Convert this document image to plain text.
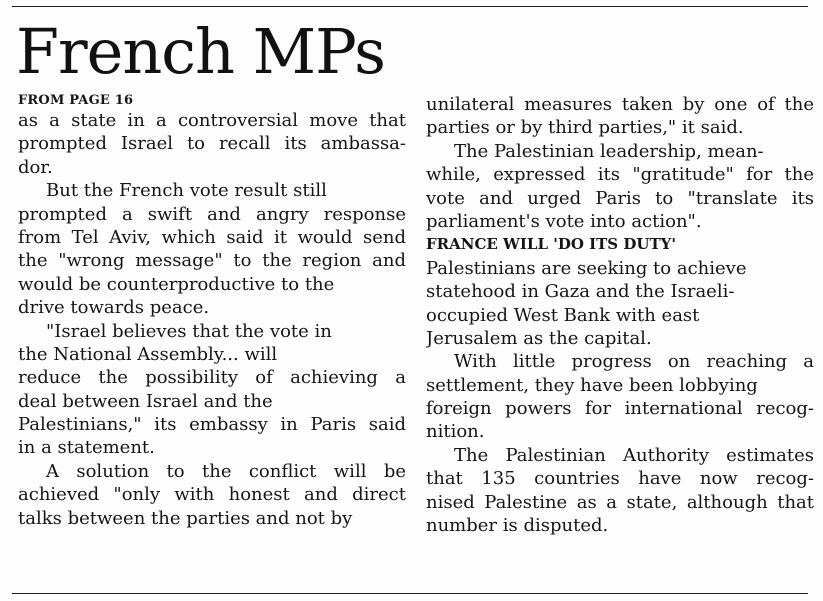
French MPs
FROM PAGE 16
as a state in a controversial move that
prompted Israel to recall its ambassa-
dor.
But the French vote result still
prompted a swift and angry response
from Tel Aviv, which said it would send
the "wrong message" to the region and
would be counterproductive to the
drive towards peace.
"Israel believes that the vote in
the National Assembly... will
reduce the possibility of achieving a
deal between Israel and the
Palestinians," its embassy in Paris said
in a statement.
A solution to the conflict will be
achieved "only with honest and direct
talks between the parties and not by
unilateral measures taken by one of the
parties or by third parties," it said.
The Palestinian leadership, mean-
while, expressed its "gratitude" for the
vote and urged Paris to "translate its
parliament's vote into action".
FRANCE WILL 'DO ITS DUTY'
Palestinians are seeking to achieve
statehood in Gaza and the Israeli-
occupied West Bank with east
Jerusalem as the capital.
With little progress on reaching a
settlement, they have been lobbying
foreign powers for international recog-
nition.
The Palestinian Authority estimates
that 135 countries have now recog-
nised Palestine as a state, although that
number is disputed.
